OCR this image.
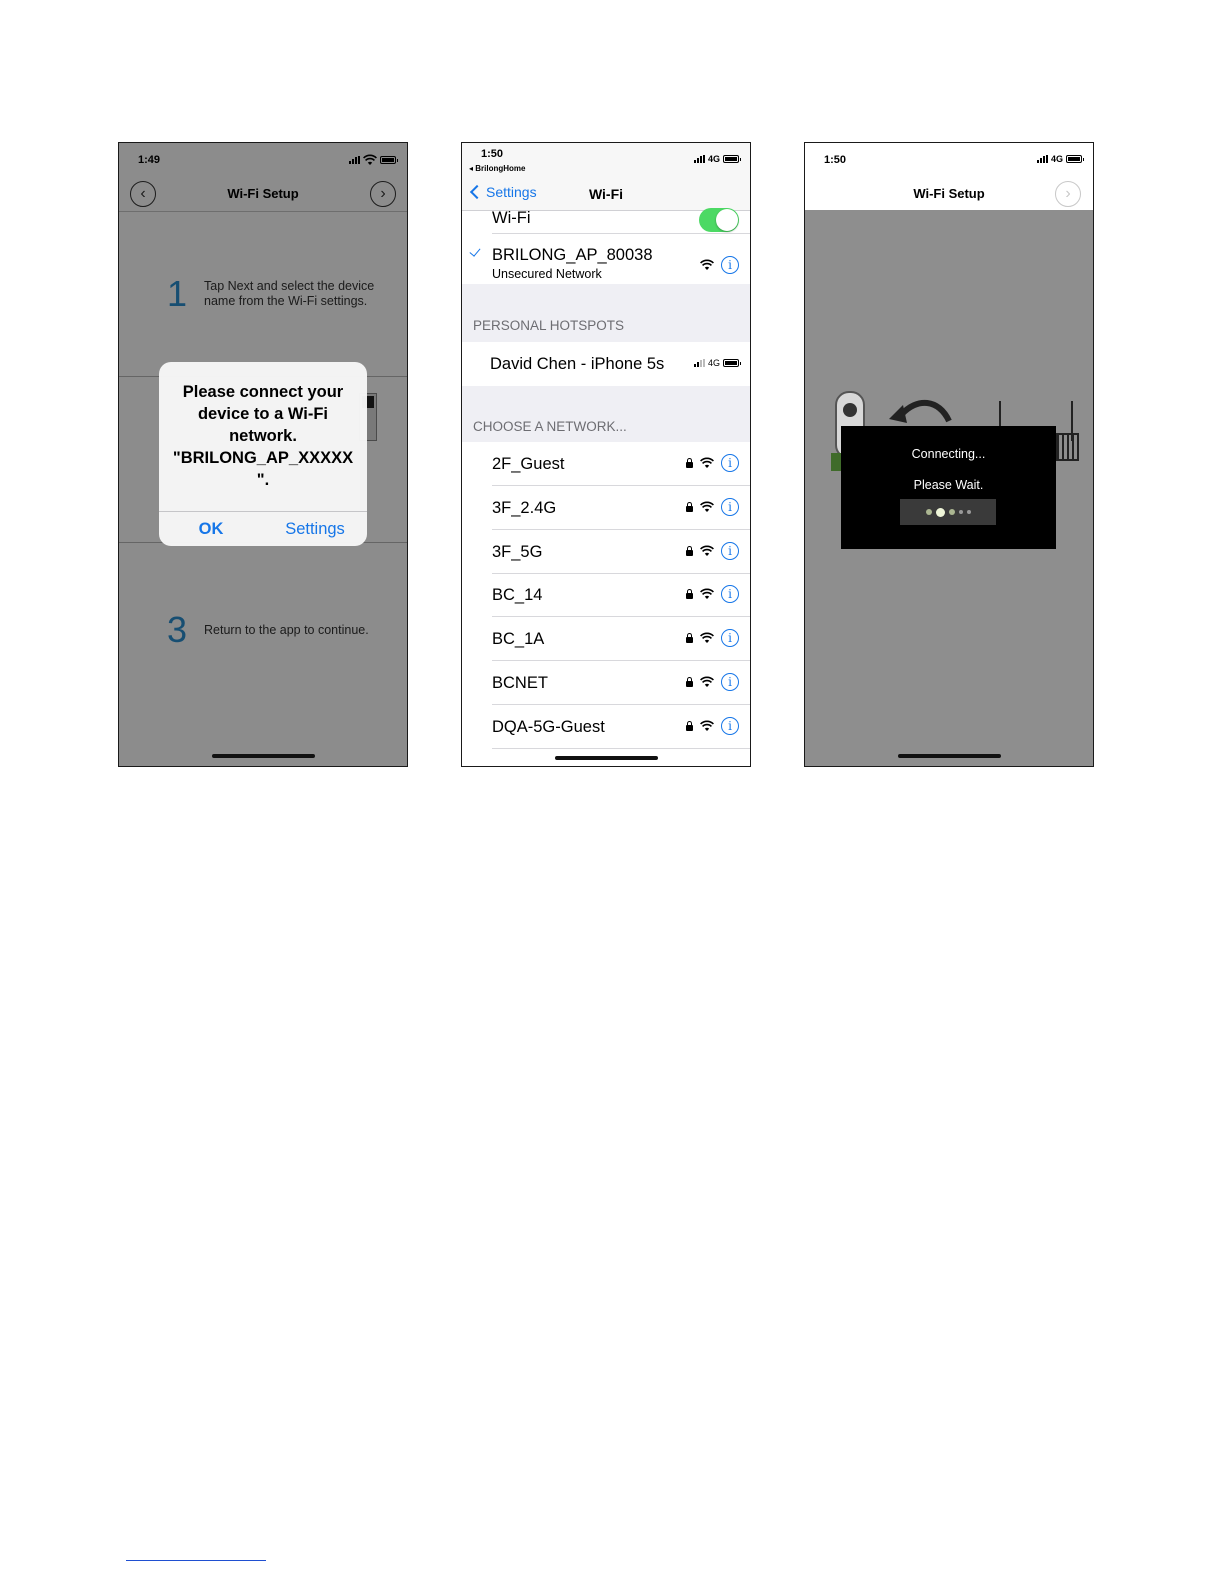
1:49
‹	Wi-Fi Setup	›
1 Tap Next and select the device name from the Wi-Fi settings.
3 Return to the app to continue.
Please connect your device to a Wi-Fi network. "BRILONG_AP_XXXXX".
OK	Settings
1:50
◂ BrilongHome
4G
Settings	Wi-Fi
Wi-Fi
BRILONG_AP_80038
Unsecured Network
i
PERSONAL HOTSPOTS
David Chen - iPhone 5s	4G
CHOOSE A NETWORK...
2F_Guest	i
3F_2.4G	i
3F_5G	i
BC_14	i
BC_1A	i
BCNET	i
DQA-5G-Guest	i
1:50	4G
Wi-Fi Setup	›
Connecting...
Please Wait.
